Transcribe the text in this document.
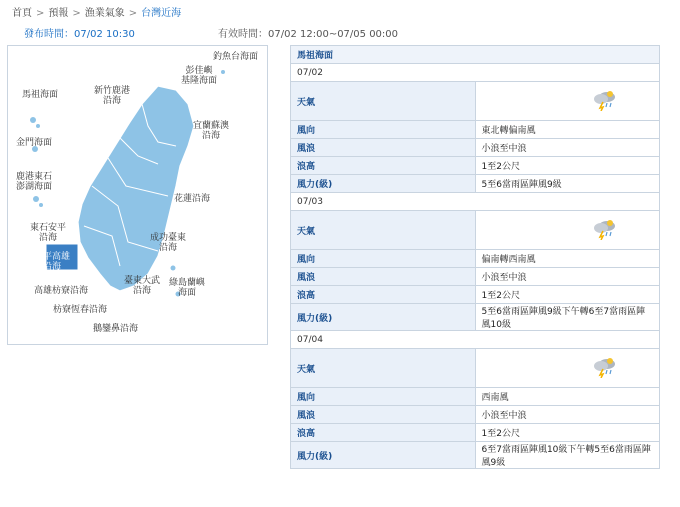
首頁 > 預報 > 漁業氣象 > 台灣近海
發布時間：07/02 10:30	有效時間：07/02 12:00~07/05 00:00
馬祖海面	新竹鹿港
沿海
釣魚台海面
彭佳嶼
基隆海面
宜蘭蘇澳
沿海
金門海面
鹿港東石
澎湖海面
花蓮沿海
東石安平
沿海	成功臺東
沿海
安平高雄
沿海
臺東大武
沿海
綠島蘭嶼
海面
高雄枋寮沿海
枋寮恆春沿海
鵝鑾鼻沿海
馬祖海面	
07/02	
天氣	
風向	東北轉偏南風
風浪	小浪至中浪
浪高	1至2公尺
風力(級)	5至6當雨區陣風9級
07/03	
天氣	
風向	偏南轉西南風
風浪	小浪至中浪
浪高	1至2公尺
風力(級)	5至6當雨區陣風9級下午轉6至7當雨區陣風10級
07/04	
天氣	
風向	西南風
風浪	小浪至中浪
浪高	1至2公尺
風力(級)	6至7當雨區陣風10級下午轉5至6當雨區陣風9級
